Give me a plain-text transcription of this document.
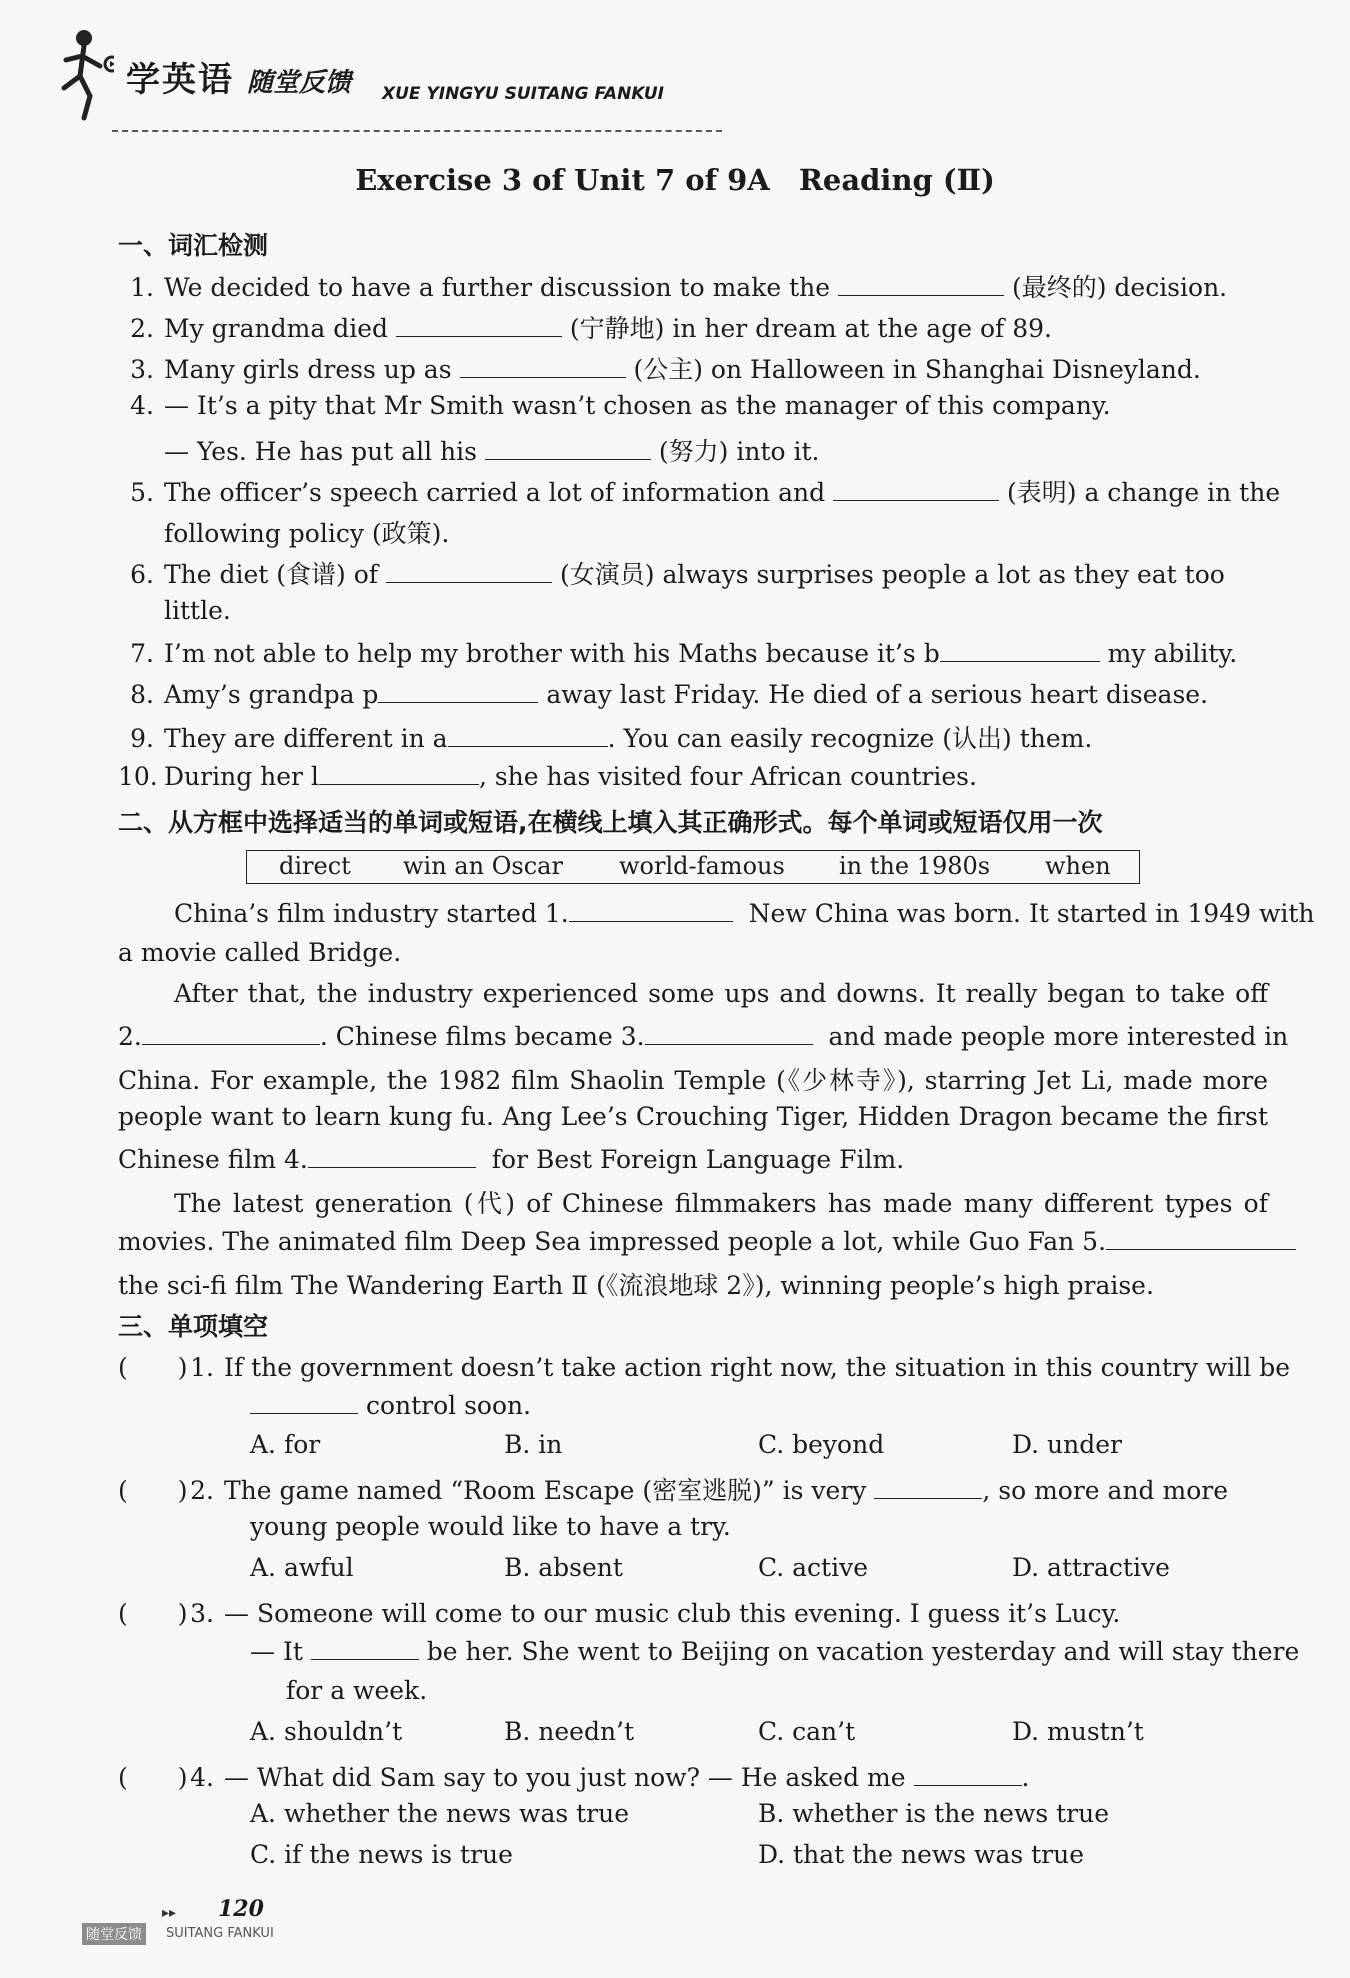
学英语 随堂反馈 XUE YINGYU SUITANG FANKUI
Exercise 3 of Unit 7 of 9A　Reading (Ⅱ)
一、词汇检测
1. We decided to have a further discussion to make the	(最终的) decision.
2. My grandma died	(宁静地) in her dream at the age of 89.
3. Many girls dress up as	(公主) on Halloween in Shanghai Disneyland.
4. — It’s a pity that Mr Smith wasn’t chosen as the manager of this company.
— Yes. He has put all his	(努力) into it.
5. The officer’s speech carried a lot of information and	(表明) a change in the
following policy (政策).
6. The diet (食谱) of	(女演员) always surprises people a lot as they eat too
little.
7. I’m not able to help my brother with his Maths because it’s b	my ability.
8. Amy’s grandpa p	away last Friday. He died of a serious heart disease.
9. They are different in a	. You can easily recognize (认出) them.
10. During her l	, she has visited four African countries.
二、从方框中选择适当的单词或短语,在横线上填入其正确形式。每个单词或短语仅用一次
direct win an Oscar world-famous in the 1980s when
China’s film industry started 1.	New China was born. It started in 1949 with
a movie called Bridge.
After that, the industry experienced some ups and downs. It really began to take off
2.	. Chinese films became 3.	and made people more interested in
China. For example, the 1982 film Shaolin Temple (《少林寺》), starring Jet Li, made more
people want to learn kung fu. Ang Lee’s Crouching Tiger, Hidden Dragon became the first
Chinese film 4.	for Best Foreign Language Film.
The latest generation (代) of Chinese filmmakers has made many different types of
movies. The animated film Deep Sea impressed people a lot, while Guo Fan 5.
the sci-fi film The Wandering Earth Ⅱ (《流浪地球 2》), winning people’s high praise.
三、单项填空
(　　) 1. If the government doesn’t take action right now, the situation in this country will be
control soon.
A. for	B. in	C. beyond	D. under
(　　) 2. The game named “Room Escape (密室逃脱)” is very	, so more and more
young people would like to have a try.
A. awful	B. absent	C. active	D. attractive
(　　) 3. — Someone will come to our music club this evening. I guess it’s Lucy.
— It	be her. She went to Beijing on vacation yesterday and will stay there
for a week.
A. shouldn’t	B. needn’t	C. can’t	D. mustn’t
(　　) 4. — What did Sam say to you just now? — He asked me	.
A. whether the news was true	B. whether is the news true
C. if the news is true	D. that the news was true
▸▸ 120
随堂反馈	SUITANG FANKUI
